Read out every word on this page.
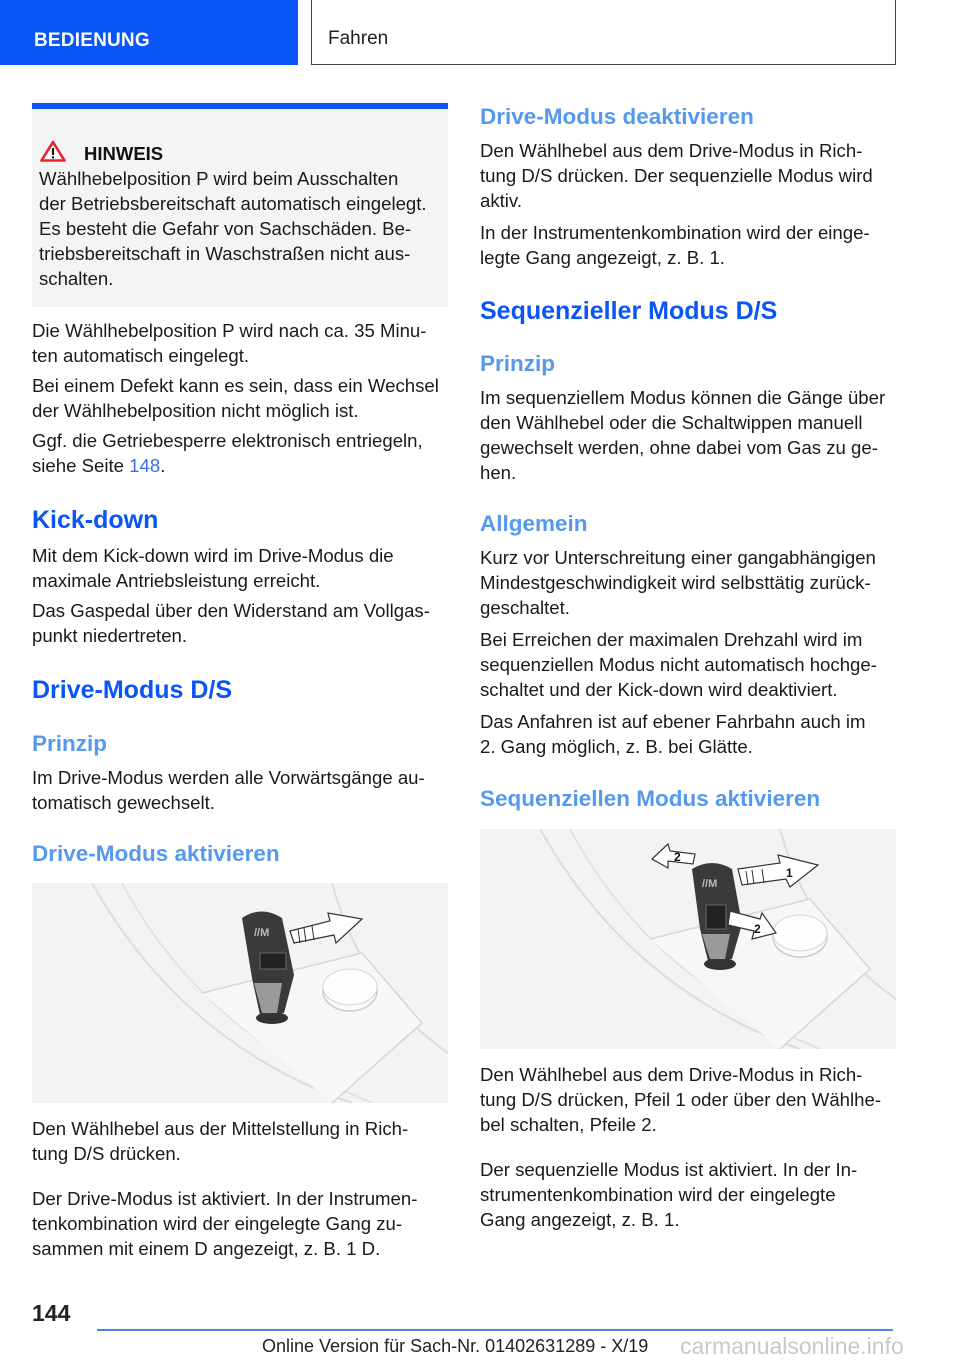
BEDIENUNG	Fahren
HINWEIS
Wählhebelposition P wird beim Ausschalten
der Betriebsbereitschaft automatisch eingelegt.
Es besteht die Gefahr von Sachschäden. Be-
triebsbereitschaft in Waschstraßen nicht aus-
schalten.
Die Wählhebelposition P wird nach ca. 35 Minu-
ten automatisch eingelegt.
Bei einem Defekt kann es sein, dass ein Wechsel
der Wählhebelposition nicht möglich ist.
Ggf. die Getriebesperre elektronisch entriegeln,
siehe Seite 148.
Kick-down
Mit dem Kick-down wird im Drive-Modus die
maximale Antriebsleistung erreicht.
Das Gaspedal über den Widerstand am Vollgas-
punkt niedertreten.
Drive-Modus D/S
Prinzip
Im Drive-Modus werden alle Vorwärtsgänge au-
tomatisch gewechselt.
Drive-Modus aktivieren
//M
Den Wählhebel aus der Mittelstellung in Rich-
tung D/S drücken.
Der Drive-Modus ist aktiviert. In der Instrumen-
tenkombination wird der eingelegte Gang zu-
sammen mit einem D angezeigt, z. B. 1 D.
Drive-Modus deaktivieren
Den Wählhebel aus dem Drive-Modus in Rich-
tung D/S drücken. Der sequenzielle Modus wird
aktiv.
In der Instrumentenkombination wird der einge-
legte Gang angezeigt, z. B. 1.
Sequenzieller Modus D/S
Prinzip
Im sequenziellem Modus können die Gänge über
den Wählhebel oder die Schaltwippen manuell
gewechselt werden, ohne dabei vom Gas zu ge-
hen.
Allgemein
Kurz vor Unterschreitung einer gangabhängigen
Mindestgeschwindigkeit wird selbsttätig zurück-
geschaltet.
Bei Erreichen der maximalen Drehzahl wird im
sequenziellen Modus nicht automatisch hochge-
schaltet und der Kick-down wird deaktiviert.
Das Anfahren ist auf ebener Fahrbahn auch im
2. Gang möglich, z. B. bei Glätte.
Sequenziellen Modus aktivieren
//M
2
1
2
Den Wählhebel aus dem Drive-Modus in Rich-
tung D/S drücken, Pfeil 1 oder über den Wählhe-
bel schalten, Pfeile 2.
Der sequenzielle Modus ist aktiviert. In der In-
strumentenkombination wird der eingelegte
Gang angezeigt, z. B. 1.
144
Online Version für Sach-Nr. 01402631289 - X/19 carmanualsonline.info
